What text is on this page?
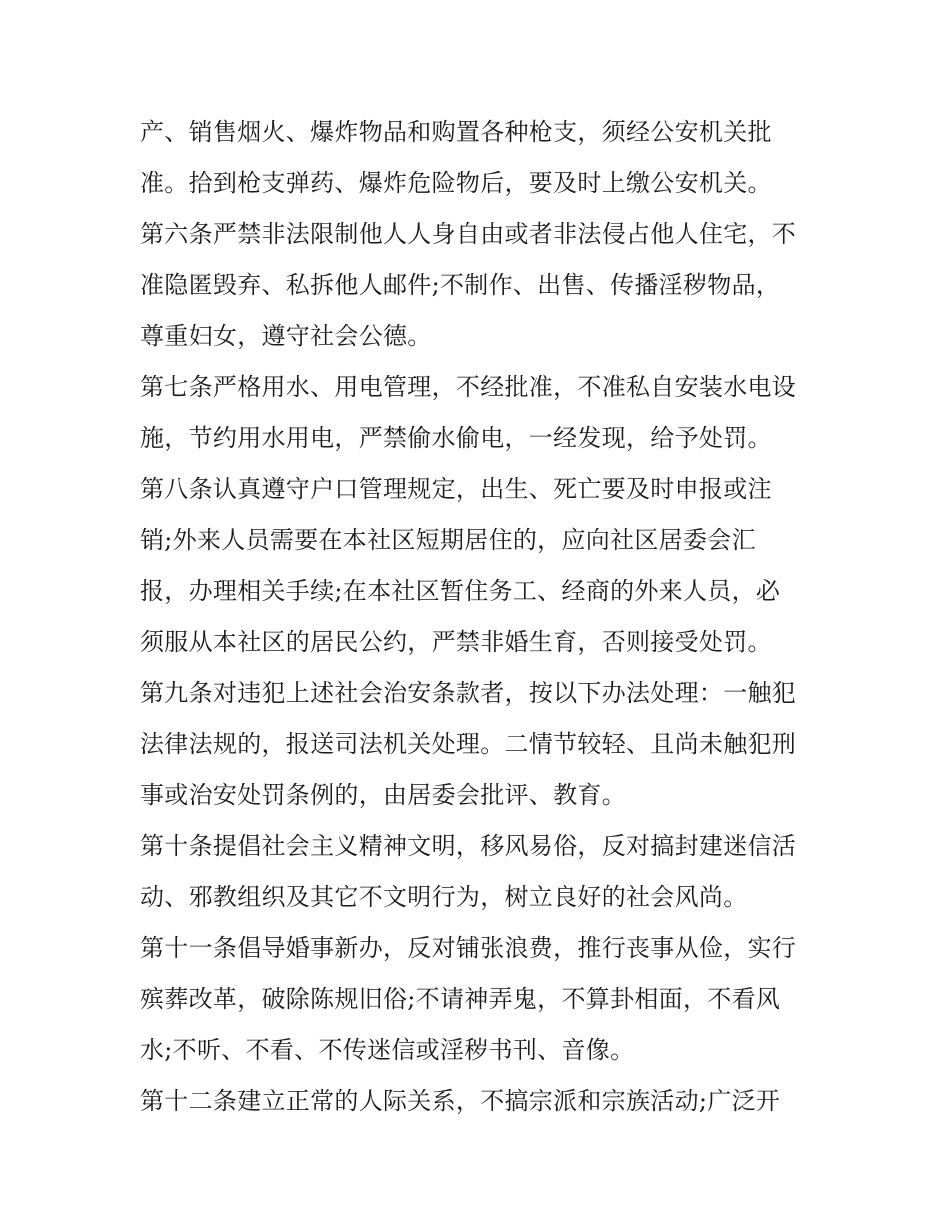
产、销售烟火、爆炸物品和购置各种枪支，须经公安机关批
准。拾到枪支弹药、爆炸危险物后，要及时上缴公安机关。
第六条严禁非法限制他人人身自由或者非法侵占他人住宅，不
准隐匿毁弃、私拆他人邮件;不制作、出售、传播淫秽物品，
尊重妇女，遵守社会公德。
第七条严格用水、用电管理，不经批准，不准私自安装水电设
施，节约用水用电，严禁偷水偷电，一经发现，给予处罚。
第八条认真遵守户口管理规定，出生、死亡要及时申报或注
销;外来人员需要在本社区短期居住的，应向社区居委会汇
报，办理相关手续;在本社区暂住务工、经商的外来人员，必
须服从本社区的居民公约，严禁非婚生育，否则接受处罚。
第九条对违犯上述社会治安条款者，按以下办法处理：一触犯
法律法规的，报送司法机关处理。二情节较轻、且尚未触犯刑
事或治安处罚条例的，由居委会批评、教育。
第十条提倡社会主义精神文明，移风易俗，反对搞封建迷信活
动、邪教组织及其它不文明行为，树立良好的社会风尚。
第十一条倡导婚事新办，反对铺张浪费，推行丧事从俭，实行
殡葬改革，破除陈规旧俗;不请神弄鬼，不算卦相面，不看风
水;不听、不看、不传迷信或淫秽书刊、音像。
第十二条建立正常的人际关系，不搞宗派和宗族活动;广泛开
